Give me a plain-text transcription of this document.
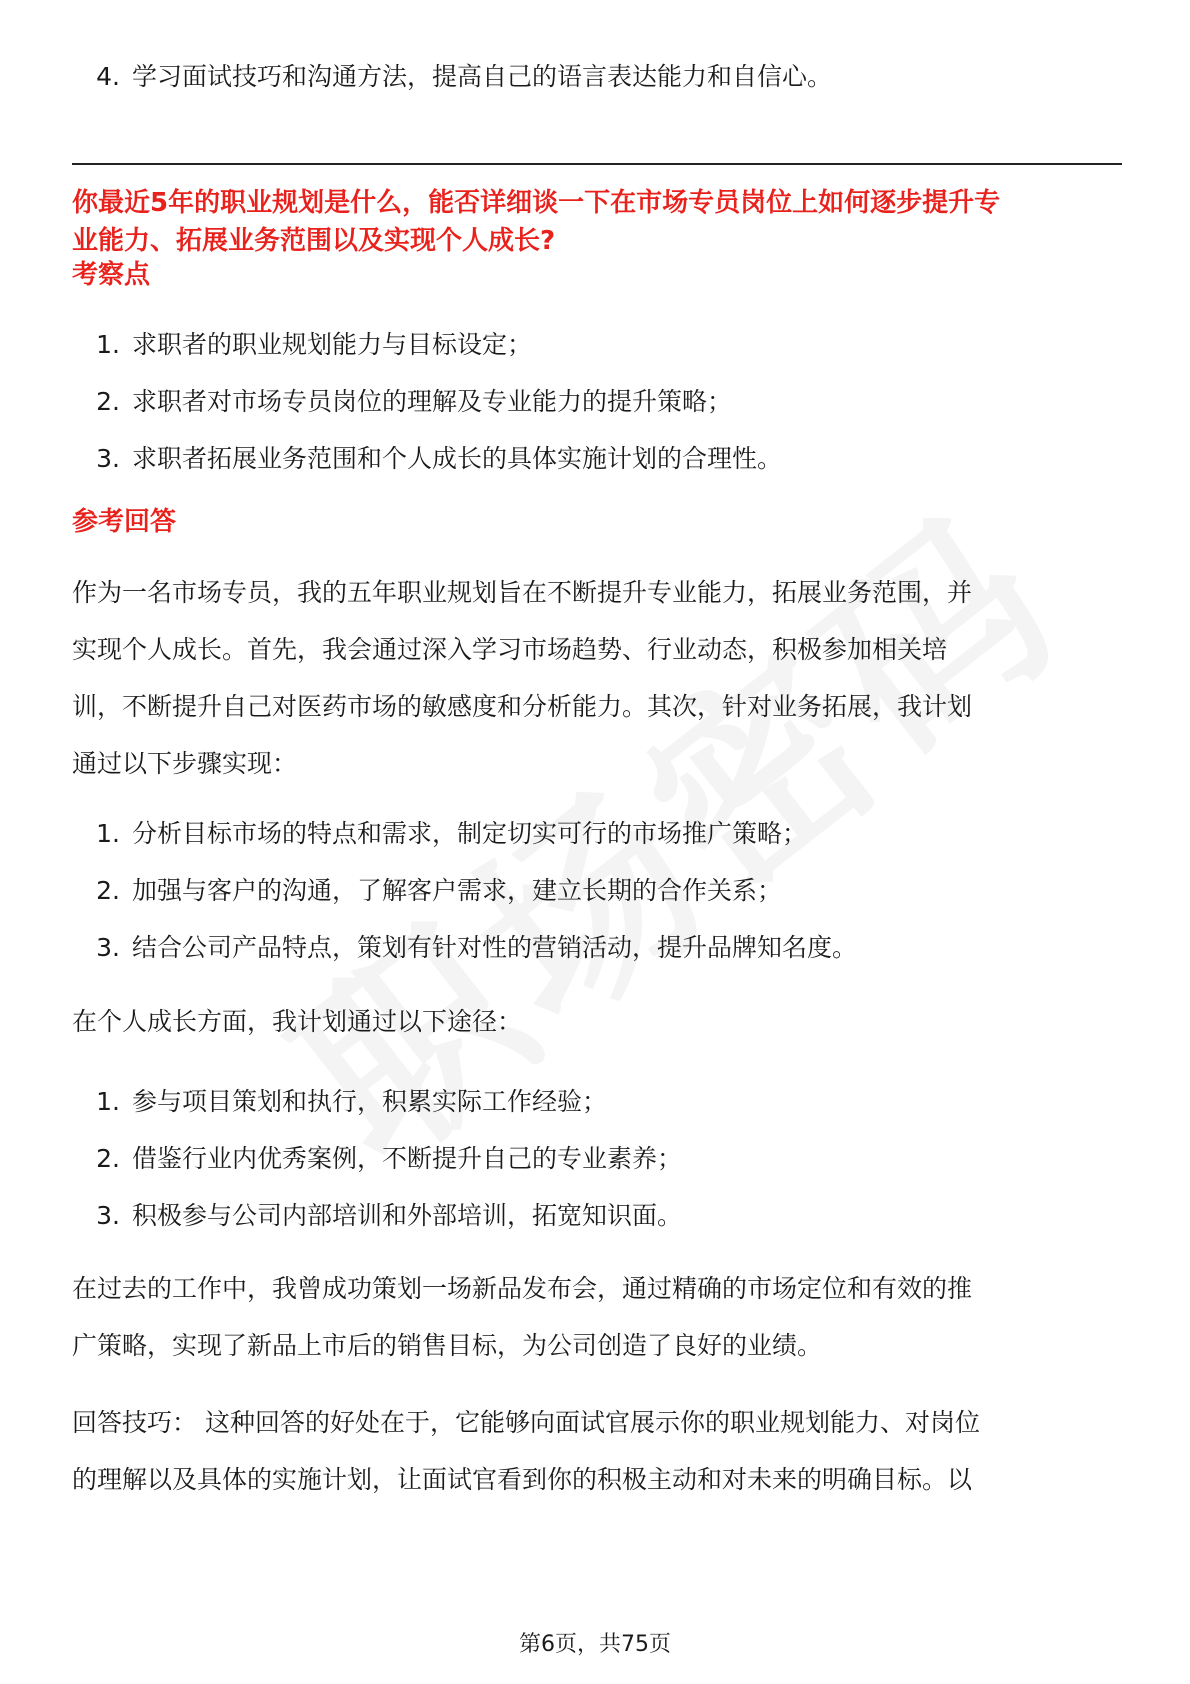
4. 学习面试技巧和沟通方法，提高自己的语言表达能力和自信心。
你最近5年的职业规划是什么，能否详细谈一下在市场专员岗位上如何逐步提升专
业能力、拓展业务范围以及实现个人成长?
考察点
1. 求职者的职业规划能力与目标设定；
2. 求职者对市场专员岗位的理解及专业能力的提升策略；
3. 求职者拓展业务范围和个人成长的具体实施计划的合理性。
参考回答
作为一名市场专员，我的五年职业规划旨在不断提升专业能力，拓展业务范围，并
实现个人成长。首先，我会通过深入学习市场趋势、行业动态，积极参加相关培
训，不断提升自己对医药市场的敏感度和分析能力。其次，针对业务拓展，我计划
通过以下步骤实现：
1. 分析目标市场的特点和需求，制定切实可行的市场推广策略；
2. 加强与客户的沟通，了解客户需求，建立长期的合作关系；
3. 结合公司产品特点，策划有针对性的营销活动，提升品牌知名度。
在个人成长方面，我计划通过以下途径：
1. 参与项目策划和执行，积累实际工作经验；
2. 借鉴行业内优秀案例，不断提升自己的专业素养；
3. 积极参与公司内部培训和外部培训，拓宽知识面。
在过去的工作中，我曾成功策划一场新品发布会，通过精确的市场定位和有效的推
广策略，实现了新品上市后的销售目标，为公司创造了良好的业绩。
回答技巧： 这种回答的好处在于，它能够向面试官展示你的职业规划能力、对岗位
的理解以及具体的实施计划，让面试官看到你的积极主动和对未来的明确目标。以
第6页，共75页
